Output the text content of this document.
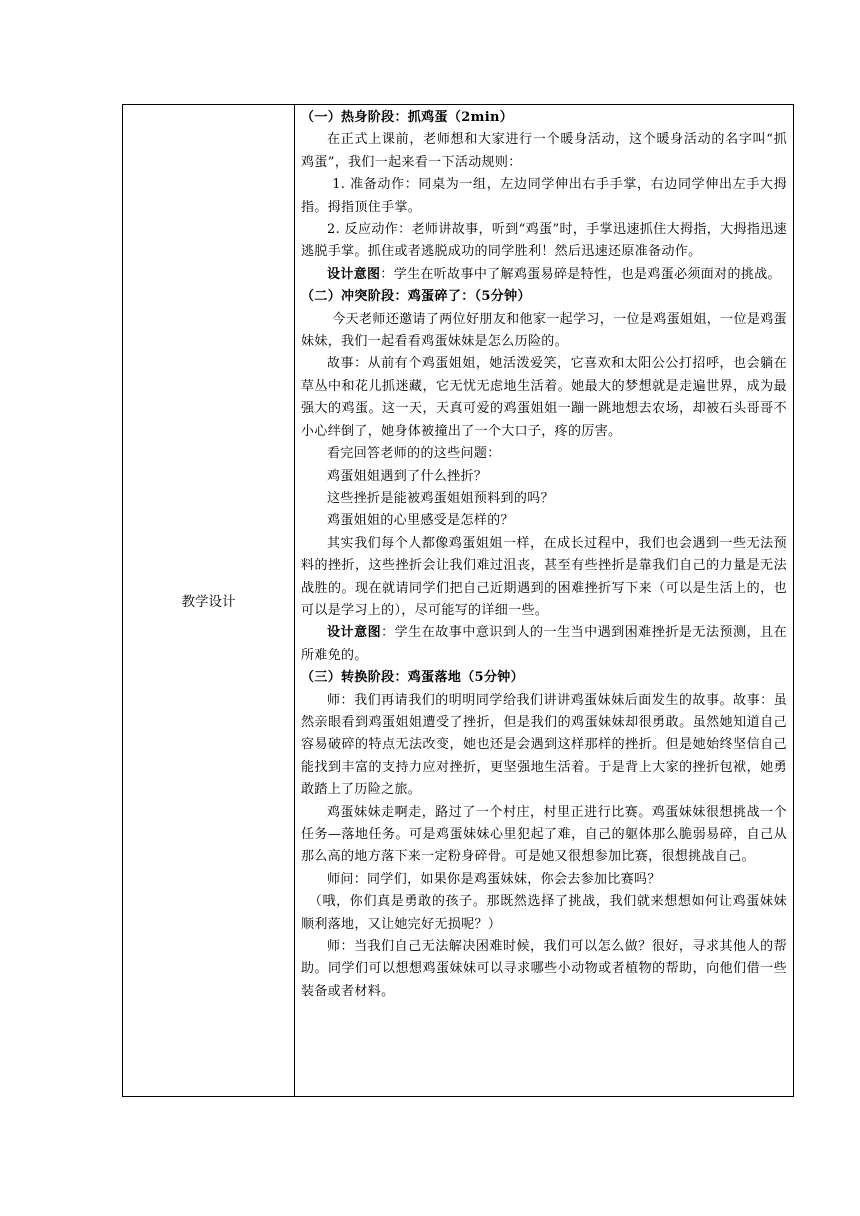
教学设计

（一）热身阶段：抓鸡蛋（2min）

在正式上课前，老师想和大家进行一个暖身活动，这个暖身活动的名字叫“抓鸡蛋”，我们一起来看一下活动规则：

1. 准备动作：同桌为一组，左边同学伸出右手手掌，右边同学伸出左手大拇指。拇指顶住手掌。

2. 反应动作：老师讲故事，听到“鸡蛋”时，手掌迅速抓住大拇指，大拇指迅速逃脱手掌。抓住或者逃脱成功的同学胜利！然后迅速还原准备动作。

设计意图：学生在听故事中了解鸡蛋易碎是特性，也是鸡蛋必须面对的挑战。

（二）冲突阶段：鸡蛋碎了：（5分钟）

今天老师还邀请了两位好朋友和他家一起学习，一位是鸡蛋姐姐，一位是鸡蛋妹妹，我们一起看看鸡蛋妹妹是怎么历险的。

故事：从前有个鸡蛋姐姐，她活泼爱笑，它喜欢和太阳公公打招呼，也会躺在草丛中和花儿抓迷藏，它无忧无虑地生活着。她最大的梦想就是走遍世界，成为最强大的鸡蛋。这一天，天真可爱的鸡蛋姐姐一蹦一跳地想去农场，却被石头哥哥不小心绊倒了，她身体被撞出了一个大口子，疼的厉害。

看完回答老师的的这些问题：

鸡蛋姐姐遇到了什么挫折？

这些挫折是能被鸡蛋姐姐预料到的吗？

鸡蛋姐姐的心里感受是怎样的？

其实我们每个人都像鸡蛋姐姐一样，在成长过程中，我们也会遇到一些无法预料的挫折，这些挫折会让我们难过沮丧，甚至有些挫折是靠我们自己的力量是无法战胜的。现在就请同学们把自己近期遇到的困难挫折写下来（可以是生活上的，也可以是学习上的），尽可能写的详细一些。

设计意图：学生在故事中意识到人的一生当中遇到困难挫折是无法预测，且在所难免的。

（三）转换阶段：鸡蛋落地（5分钟）

师：我们再请我们的明明同学给我们讲讲鸡蛋妹妹后面发生的故事。故事：虽然亲眼看到鸡蛋姐姐遭受了挫折，但是我们的鸡蛋妹妹却很勇敢。虽然她知道自己容易破碎的特点无法改变，她也还是会遇到这样那样的挫折。但是她始终坚信自己能找到丰富的支持力应对挫折，更坚强地生活着。于是背上大家的挫折包袱，她勇敢踏上了历险之旅。

鸡蛋妹妹走啊走，路过了一个村庄，村里正进行比赛。鸡蛋妹妹很想挑战一个任务—落地任务。可是鸡蛋妹妹心里犯起了难，自己的躯体那么脆弱易碎，自己从那么高的地方落下来一定粉身碎骨。可是她又很想参加比赛，很想挑战自己。

师问：同学们，如果你是鸡蛋妹妹，你会去参加比赛吗？

（哦，你们真是勇敢的孩子。那既然选择了挑战，我们就来想想如何让鸡蛋妹妹顺利落地，又让她完好无损呢？）

师：当我们自己无法解决困难时候，我们可以怎么做？很好，寻求其他人的帮助。同学们可以想想鸡蛋妹妹可以寻求哪些小动物或者植物的帮助，向他们借一些装备或者材料。
